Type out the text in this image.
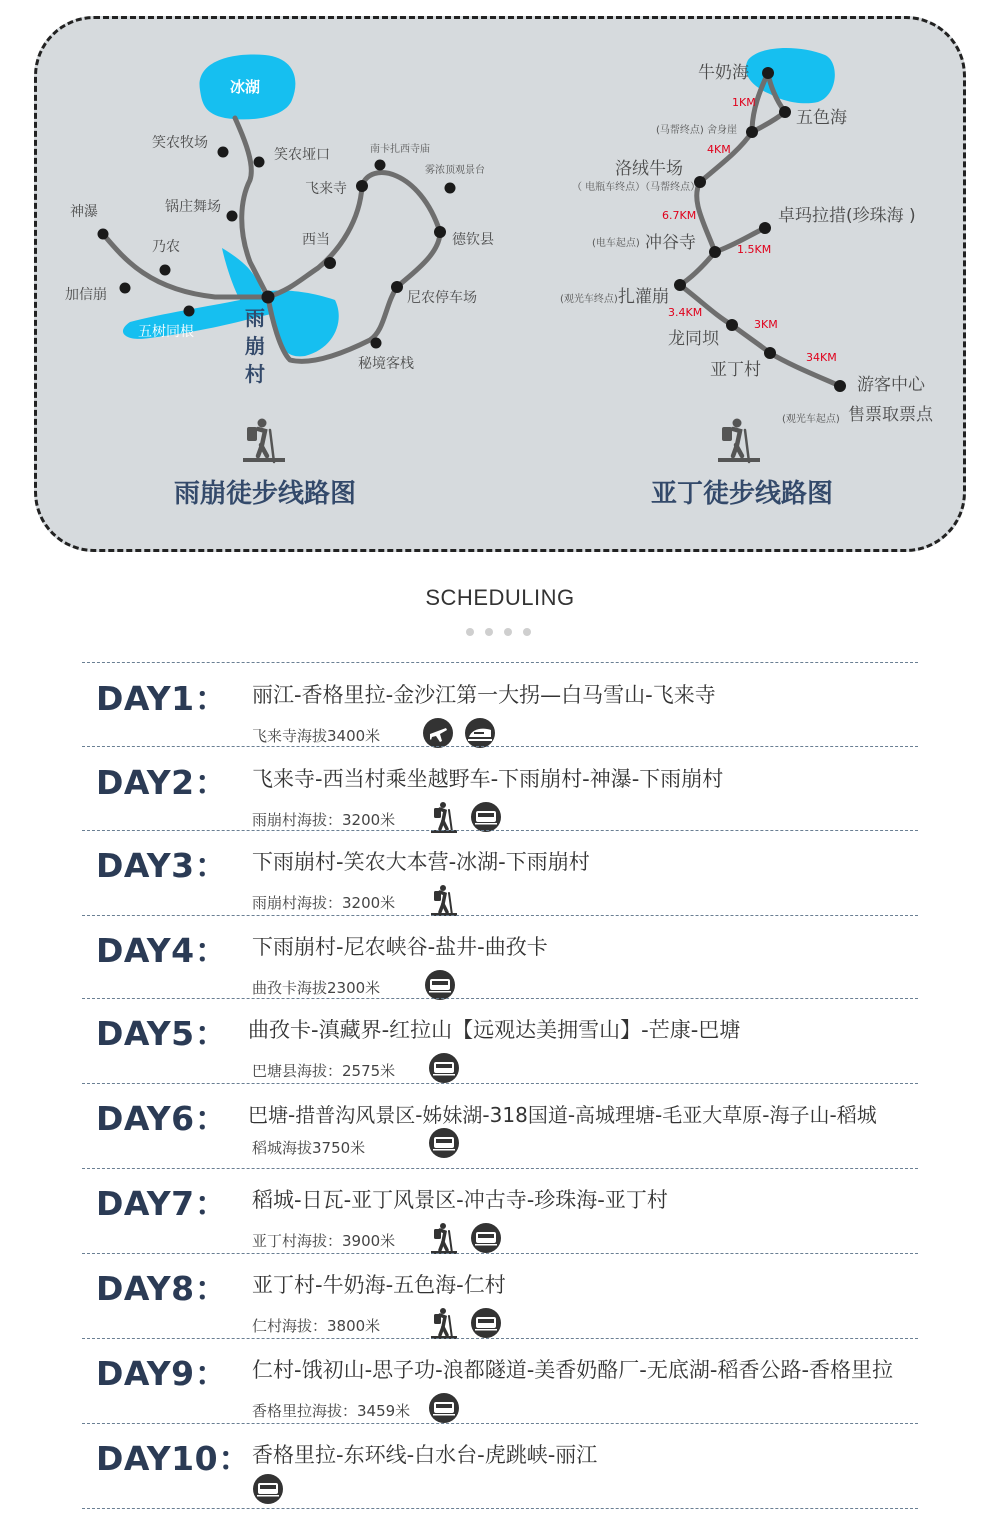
冰湖
笑农牧场
笑农垭口	南卡扎西寺庙
雾浓顶观景台
飞来寺
锅庄舞场
神瀑
乃农	西当	德钦县
加信崩	尼农停车场
五树同根
秘境客栈
雨
崩
村
雨崩徒步线路图
牛奶海
五色海
(马帮终点) 舍身崖
洛绒牛场
（ 电瓶车终点）（马帮终点）
卓玛拉措(珍珠海 )
(电车起点) 冲谷寺
(观光车终点) 扎灌崩
龙同坝
亚丁村
游客中心
(观光车起点) 售票取票点
1KM
4KM
6.7KM
1.5KM
3.4KM
3KM
34KM
亚丁徒步线路图
SCHEDULING
DAY1： 丽江-香格里拉-金沙江第一大拐—白马雪山-飞来寺
飞来寺海拔3400米
DAY2： 飞来寺-西当村乘坐越野车-下雨崩村-神瀑-下雨崩村
雨崩村海拔：3200米
DAY3： 下雨崩村-笑农大本营-冰湖-下雨崩村
雨崩村海拔：3200米
DAY4： 下雨崩村-尼农峡谷-盐井-曲孜卡
曲孜卡海拔2300米
DAY5： 曲孜卡-滇藏界-红拉山【远观达美拥雪山】-芒康-巴塘
巴塘县海拔：2575米
DAY6： 巴塘-措普沟风景区-姊妹湖-318国道-高城理塘-毛亚大草原-海子山-稻城
稻城海拔3750米
DAY7： 稻城-日瓦-亚丁风景区-冲古寺-珍珠海-亚丁村
亚丁村海拔：3900米
DAY8： 亚丁村-牛奶海-五色海-仁村
仁村海拔：3800米
DAY9： 仁村-饿初山-思子功-浪都隧道-美香奶酪厂-无底湖-稻香公路-香格里拉
香格里拉海拔：3459米
DAY10： 香格里拉-东环线-白水台-虎跳峡-丽江
